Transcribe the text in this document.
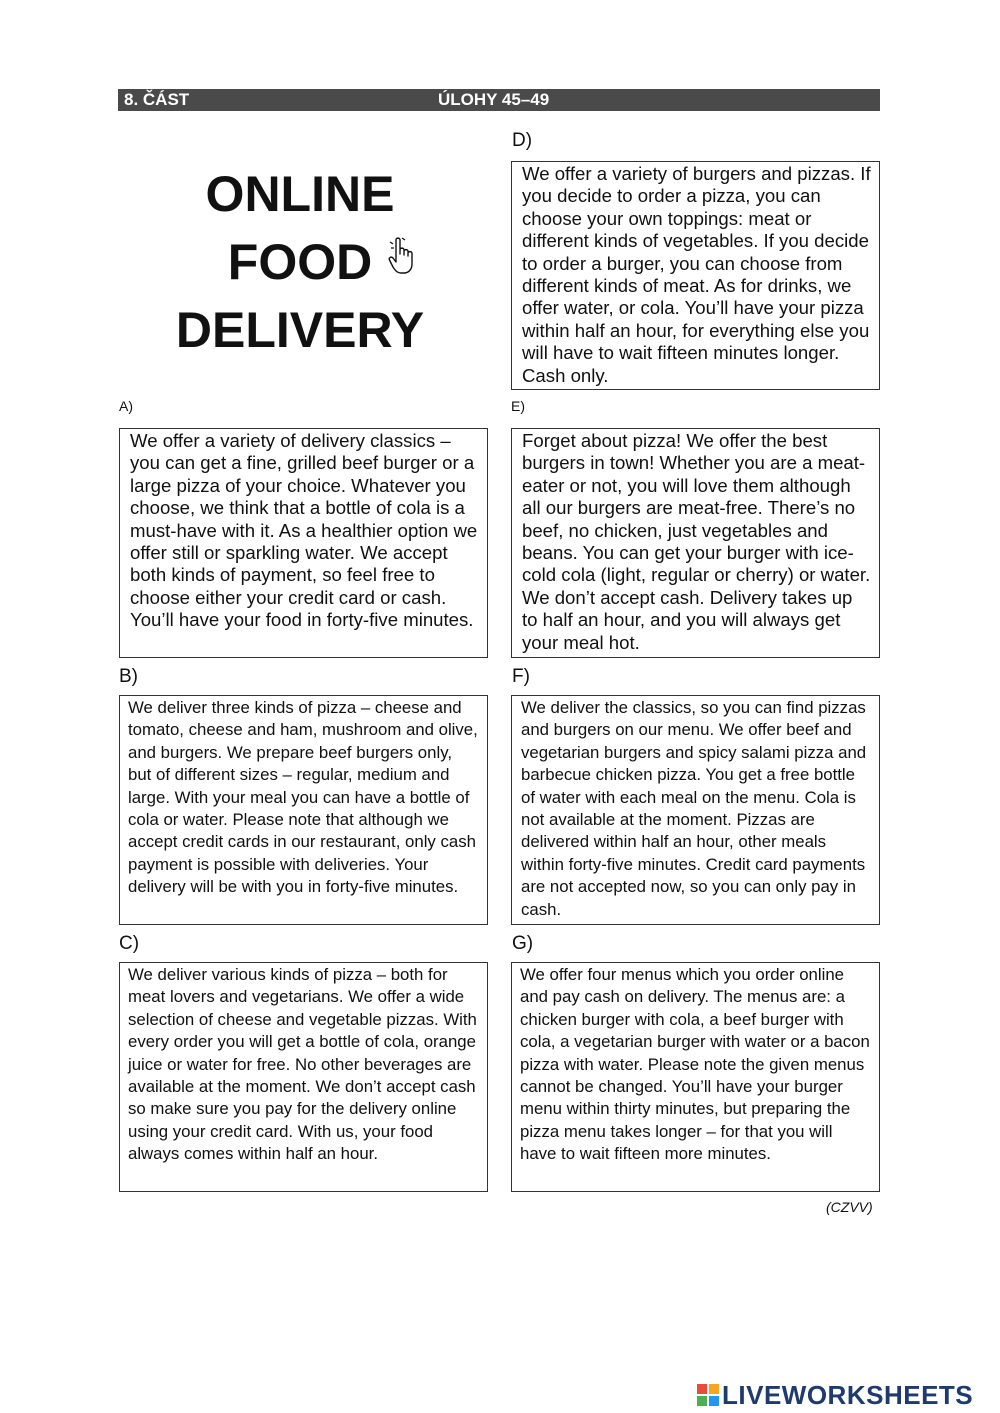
8. ČÁST	ÚLOHY 45–49
ONLINE
FOOD
DELIVERY
D)
We offer a variety of burgers and pizzas. If you decide to order a pizza, you can choose your own toppings: meat or different kinds of vegetables. If you decide to order a burger, you can choose from different kinds of meat. As for drinks, we offer water, or cola. You’ll have your pizza within half an hour, for everything else you will have to wait fifteen minutes longer. Cash only.
A)
We offer a variety of delivery classics – you can get a fine, grilled beef burger or a large pizza of your choice. Whatever you choose, we think that a bottle of cola is a must-have with it. As a healthier option we offer still or sparkling water. We accept both kinds of payment, so feel free to choose either your credit card or cash. You’ll have your food in forty-five minutes.
E)
Forget about pizza! We offer the best burgers in town! Whether you are a meat-eater or not, you will love them although all our burgers are meat-free. There’s no beef, no chicken, just vegetables and beans. You can get your burger with ice-cold cola (light, regular or cherry) or water. We don’t accept cash. Delivery takes up to half an hour, and you will always get your meal hot.
B)
We deliver three kinds of pizza – cheese and tomato, cheese and ham, mushroom and olive, and burgers. We prepare beef burgers only, but of different sizes – regular, medium and large. With your meal you can have a bottle of cola or water. Please note that although we accept credit cards in our restaurant, only cash payment is possible with deliveries. Your delivery will be with you in forty-five minutes.
F)
We deliver the classics, so you can find pizzas and burgers on our menu. We offer beef and vegetarian burgers and spicy salami pizza and barbecue chicken pizza. You get a free bottle of water with each meal on the menu. Cola is not available at the moment. Pizzas are delivered within half an hour, other meals within forty-five minutes. Credit card payments are not accepted now, so you can only pay in cash.
C)
We deliver various kinds of pizza – both for meat lovers and vegetarians. We offer a wide selection of cheese and vegetable pizzas. With every order you will get a bottle of cola, orange juice or water for free. No other beverages are available at the moment. We don’t accept cash so make sure you pay for the delivery online using your credit card. With us, your food always comes within half an hour.
G)
We offer four menus which you order online and pay cash on delivery. The menus are: a chicken burger with cola, a beef burger with cola, a vegetarian burger with water or a bacon pizza with water. Please note the given menus cannot be changed. You’ll have your burger menu within thirty minutes, but preparing the pizza menu takes longer – for that you will have to wait fifteen more minutes.
(CZVV)
LIVEWORKSHEETS
